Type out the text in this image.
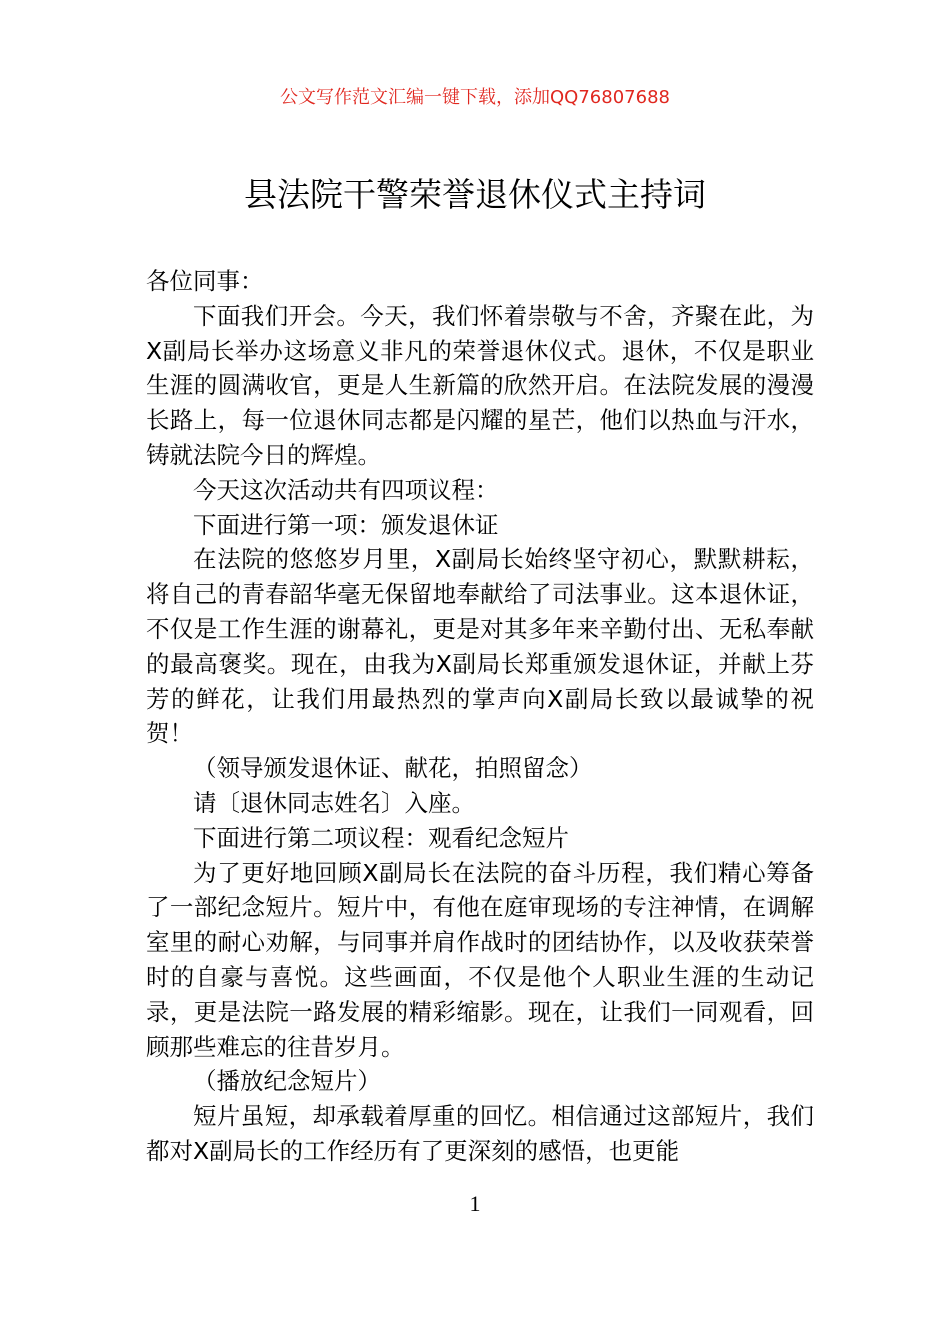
公文写作范文汇编一键下载，添加QQ76807688
县法院干警荣誉退休仪式主持词

各位同事：

下面我们开会。今天，我们怀着崇敬与不舍，齐聚在此，为X副局长举办这场意义非凡的荣誉退休仪式。退休，不仅是职业生涯的圆满收官，更是人生新篇的欣然开启。在法院发展的漫漫长路上，每一位退休同志都是闪耀的星芒，他们以热血与汗水，铸就法院今日的辉煌。

今天这次活动共有四项议程：

下面进行第一项：颁发退休证

在法院的悠悠岁月里，X副局长始终坚守初心，默默耕耘，将自己的青春韶华毫无保留地奉献给了司法事业。这本退休证，不仅是工作生涯的谢幕礼，更是对其多年来辛勤付出、无私奉献的最高褒奖。现在，由我为X副局长郑重颁发退休证，并献上芬芳的鲜花，让我们用最热烈的掌声向X副局长致以最诚挚的祝贺！

（领导颁发退休证、献花，拍照留念）

请〔退休同志姓名〕入座。

下面进行第二项议程：观看纪念短片

为了更好地回顾X副局长在法院的奋斗历程，我们精心筹备了一部纪念短片。短片中，有他在庭审现场的专注神情，在调解室里的耐心劝解，与同事并肩作战时的团结协作，以及收获荣誉时的自豪与喜悦。这些画面，不仅是他个人职业生涯的生动记录，更是法院一路发展的精彩缩影。现在，让我们一同观看，回顾那些难忘的往昔岁月。

（播放纪念短片）

短片虽短，却承载着厚重的回忆。相信通过这部短片，我们都对X副局长的工作经历有了更深刻的感悟，也更能

1
